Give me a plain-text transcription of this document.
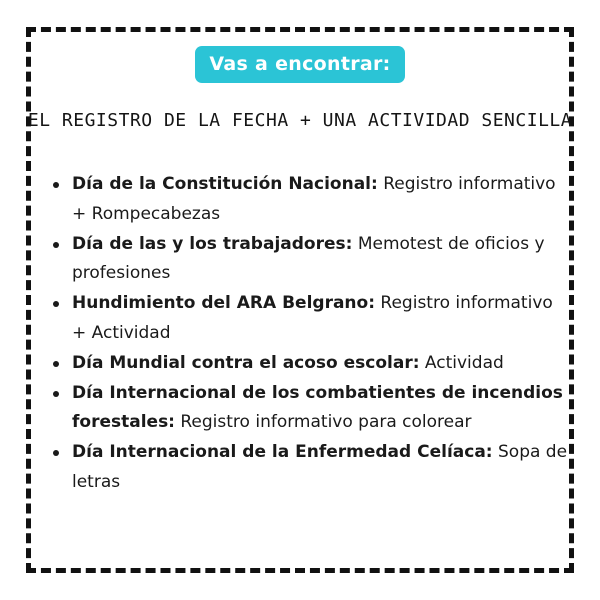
Vas a encontrar:
EL REGISTRO DE LA FECHA + UNA ACTIVIDAD SENCILLA
Día de la Constitución Nacional: Registro informativo + Rompecabezas
Día de las y los trabajadores: Memotest de oficios y profesiones
Hundimiento del ARA Belgrano: Registro informativo + Actividad
Día Mundial contra el acoso escolar: Actividad
Día Internacional de los combatientes de incendios forestales: Registro informativo para colorear
Día Internacional de la Enfermedad Celíaca: Sopa de letras
